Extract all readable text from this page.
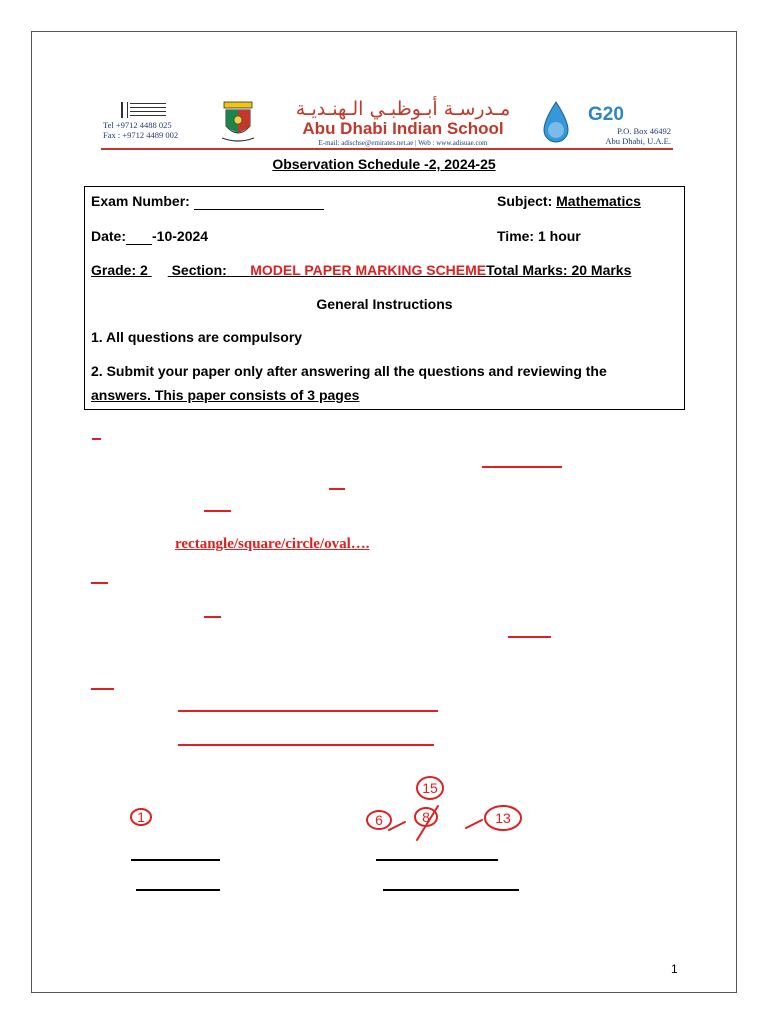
Tel +9712 4488 025
Fax : +9712 4489 002
مـدرسـة أبـوظبـي الـهنـديـة
Abu Dhabi Indian School
E-mail: adischse@emirates.net.ae | Web : www.adisuae.com
G20
P.O. Box 46492
Abu Dhabi, U.A.E.
Observation Schedule -2, 2024-25
Exam Number:	Subject: Mathematics
Date: -10-2024	Time: 1 hour
Grade: 2 Section:  __MODEL PAPER MARKING SCHEMETotal Marks: 20 Marks
General Instructions
1. All questions are compulsory
2. Submit your paper only after answering all the questions and reviewing the
answers. This paper consists of 3 pages
rectangle/square/circle/oval….
1	6	8
15
13
1
